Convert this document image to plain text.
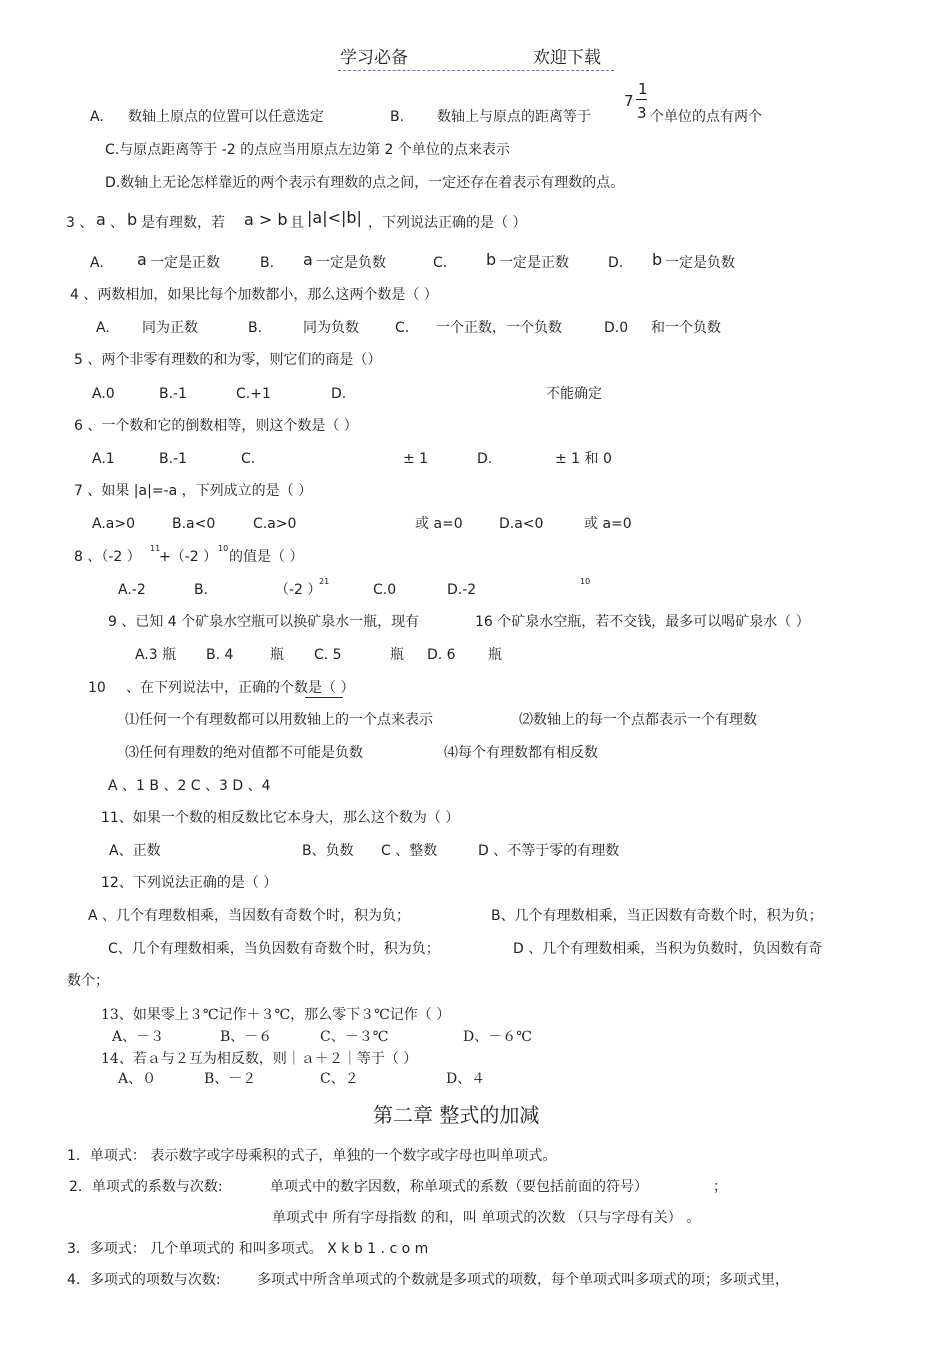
学习必备	欢迎下载
A. 数轴上原点的位置可以任意选定	B. 数轴上与原点的距离等于
7
1
3 个单位的点有两个
C.与原点距离等于 -2 的点应当用原点左边第 2 个单位的点来表示
D.数轴上无论怎样靠近的两个表示有理数的点之间，一定还存在着表示有理数的点。
3 、 a 、 b 是有理数，若 a > b 且 |a|<|b| ，下列说法正确的是（ ）
A. a 一定是正数	B. a 一定是负数	C. b 一定是正数	D. b 一定是负数
4 、两数相加，如果比每个加数都小，那么这两个数是（ ）
A. 同为正数	B.	同为负数	C. 一个正数，一个负数	D.0 和一个负数
5 、两个非零有理数的和为零，则它们的商是（）
A.0	B.-1	C.+1	D.	不能确定
6 、一个数和它的倒数相等，则这个数是（ ）
A.1	B.-1	C.	± 1	D.	± 1 和 0
7 、如果 |a|=-a ，下列成立的是（ ）
A.a>0	B.a<0	C.a>0	或 a=0	D.a<0	或 a=0
8 、（-2 ）
11
+（-2 ）
10
的值是（ ）
A.-2	B.	（-2 ）
21
C.0	D.-2
10
9 、已知 4 个矿泉水空瓶可以换矿泉水一瓶，现有	16 个矿泉水空瓶，若不交钱，最多可以喝矿泉水（ ）
A.3 瓶 B. 4	瓶 C. 5	瓶 D. 6 瓶
10 、在下列说法中，正确的个数是（ ）
⑴任何一个有理数都可以用数轴上的一个点来表示	⑵数轴上的每一个点都表示一个有理数
⑶任何有理数的绝对值都不可能是负数	⑷每个有理数都有相反数
A 、1 B 、2 C 、3 D 、4
11、如果一个数的相反数比它本身大，那么这个数为（ ）
A、正数	B、负数 C 、整数	D 、不等于零的有理数
12、下列说法正确的是（ ）
A 、几个有理数相乘，当因数有奇数个时，积为负；	B、几个有理数相乘，当正因数有奇数个时，积为负；
C、几个有理数相乘，当负因数有奇数个时，积为负；	D 、几个有理数相乘，当积为负数时，负因数有奇
数个；
13、如果零上３℃记作＋３℃，那么零下３℃记作（ ）
A、－３	B、－６	C、－３℃	D、－６℃
14、若ａ与２互为相反数，则｜ａ＋２｜等于（ ）
A、０	B、－２	C、２	D、４
第二章 整式的加减
1．单项式： 表示数字或字母乘积的式子，单独的一个数字或字母也叫单项式。
2．单项式的系数与次数:	单项式中的数字因数，称单项式的系数（要包括前面的符号）	；
单项式中 所有字母指数 的和，叫 单项式的次数 （只与字母有关） 。
3．多项式： 几个单项式的 和叫多项式。 X k b 1 . c o m
4．多项式的项数与次数:	多项式中所含单项式的个数就是多项式的项数，每个单项式叫多项式的项；多项式里，
